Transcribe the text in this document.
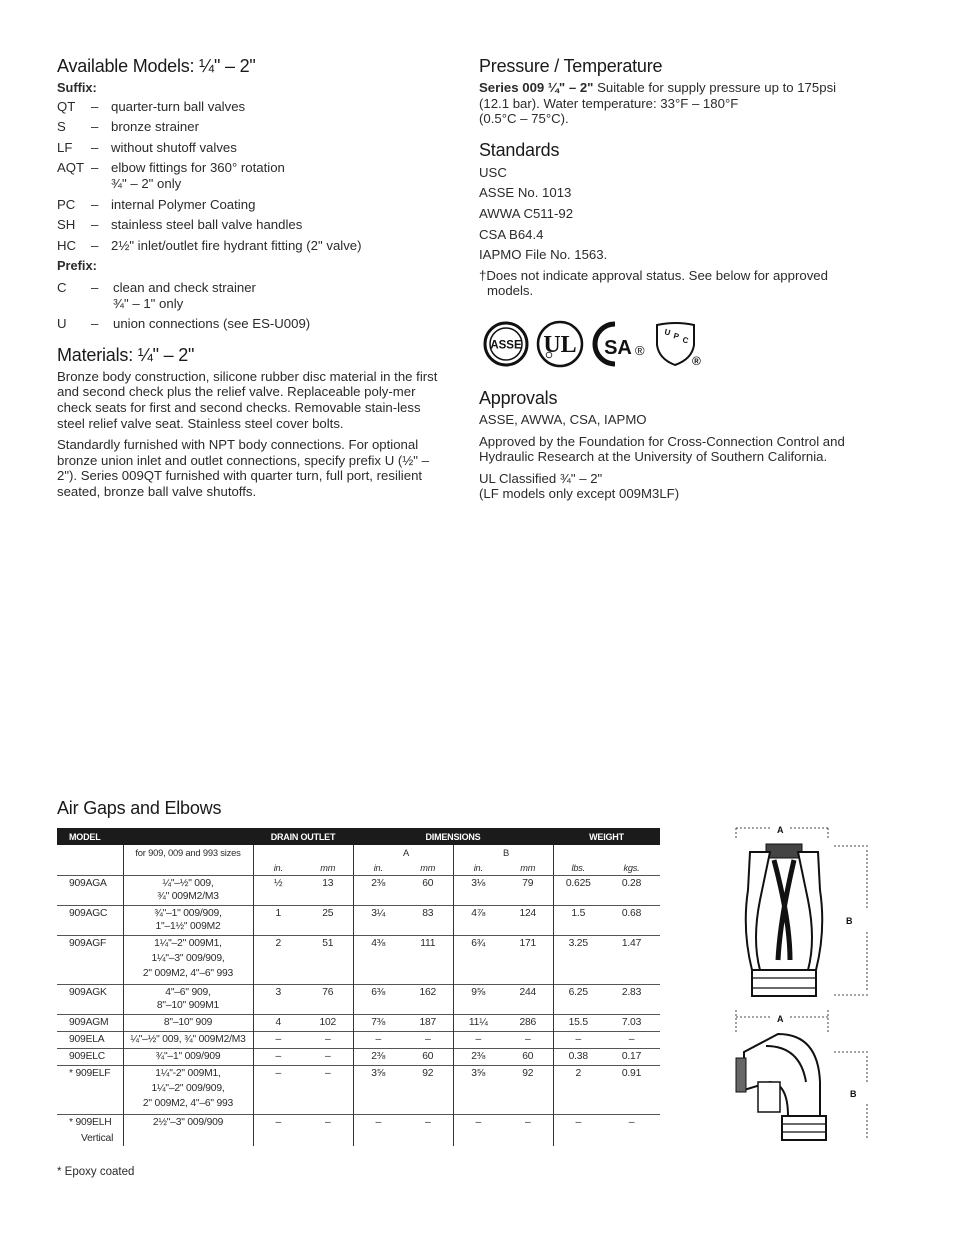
Available Models: ¼" – 2"
Suffix:
QT	– quarter-turn ball valves
S	– bronze strainer
LF	– without shutoff valves
AQT – elbow fittings for 360° rotation
¾" – 2" only
PC	– internal Polymer Coating
SH	– stainless steel ball valve handles
HC	– 2½" inlet/outlet fire hydrant fitting (2" valve)
Prefix:
C	–	clean and check strainer
¾" – 1" only
U	–	union connections (see ES-U009)
Materials: ¼" – 2"

Bronze body construction, silicone rubber disc material in the first and second check plus the relief valve. Replaceable poly-mer check seats for first and second checks. Removable stain-less steel relief valve seat. Stainless steel cover bolts.

Standardly furnished with NPT body connections. For optional bronze union inlet and outlet connections, specify prefix U (½" – 2"). Series 009QT furnished with quarter turn, full port, resilient seated, bronze ball valve shutoffs.

Pressure / Temperature

Series 009 ¼" – 2" Suitable for supply pressure up to 175psi (12.1 bar). Water temperature: 33°F – 180°F
(0.5°C – 75°C).

Standards
USC
ASSE No. 1013
AWWA C511-92
CSA B64.4
IAPMO File No. 1563.
†Does not indicate approval status. See below for approved models.
ASSE UL SA ®
U P C
®
Approvals

ASSE, AWWA, CSA, IAPMO

Approved by the Foundation for Cross-Connection Control and Hydraulic Research at the University of Southern California.

UL Classified ¾" – 2"
(LF models only except 009M3LF)
Air Gaps and Elbows
MODEL		DRAIN OUTLET		DIMENSIONS				WEIGHT	
	for 909, 009 and 993 sizes				A		B		
		in.	mm	in.	mm	in.	mm	lbs.	kgs.

909AGA	¼"–½" 009,
¾" 009M2/M3	½	13	2⅜	60	3⅛	79	0.625	0.28

909AGC	¾"–1" 009/909,
1"–1½" 009M2	1	25	3¼	83	4⅞	124	1.5	0.68

909AGF	1¼"–2" 009M1,
1¼"–3" 009/909,
2" 009M2, 4"–6" 993	2	51	4⅜	111	6¾	171	3.25	1.47

909AGK	4"–6" 909,
8"–10" 909M1	3	76	6⅜	162	9⅝	244	6.25	2.83

909AGM	8"–10" 909	4	102	7⅜	187	11¼	286	15.5	7.03

909ELA	¼"–½" 009, ¾" 009M2/M3	–	–	–	–	–	–	–	–

909ELC	¾"–1" 009/909	–	–	2⅜	60	2⅜	60	0.38	0.17

* 909ELF	1¼"-2" 009M1,
1¼"–2" 009/909,
2" 009M2, 4"–6" 993	–	–	3⅝	92	3⅝	92	2	0.91

* 909ELH
Vertical	2½"–3" 009/909	–	–	–	–	–	–	–	–
* Epoxy coated
A
B
A
B
